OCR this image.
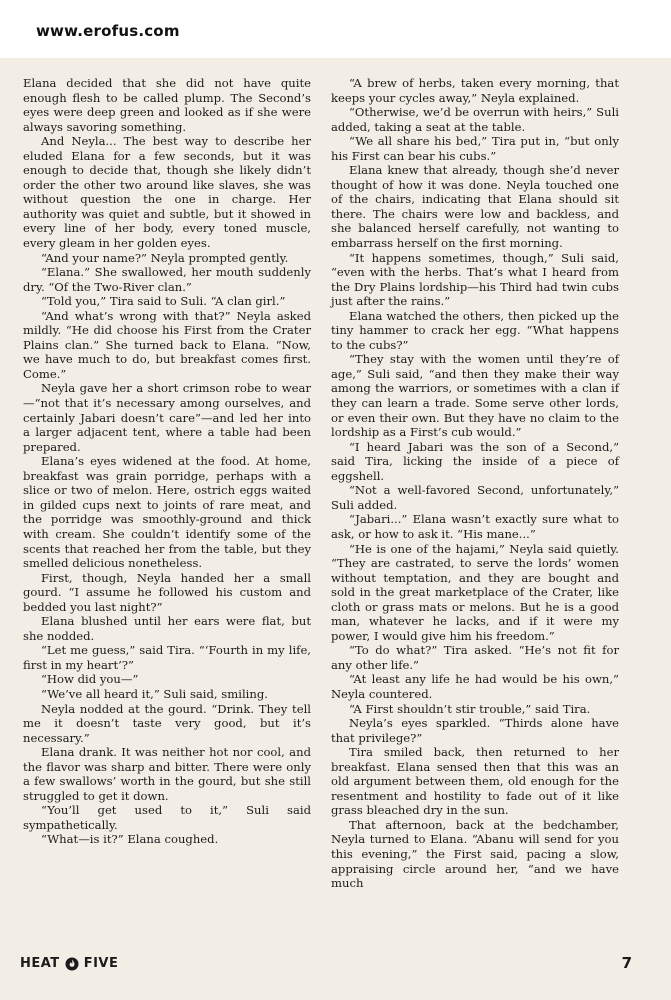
www.erofus.com

Elana decided that she did not have quite enough flesh to be called plump. The Second’s eyes were deep green and looked as if she were always savoring something.

And Neyla... The best way to describe her eluded Elana for a few seconds, but it was enough to decide that, though she likely didn’t order the other two around like slaves, she was without question the one in charge. Her authority was quiet and subtle, but it showed in every line of her body, every toned muscle, every gleam in her golden eyes.

“And your name?” Neyla prompted gently.

“Elana.” She swallowed, her mouth suddenly dry. “Of the Two-River clan.”

“Told you,” Tira said to Suli. “A clan girl.”

“And what’s wrong with that?” Neyla asked mildly. “He did choose his First from the Crater Plains clan.” She turned back to Elana. “Now, we have much to do, but breakfast comes first. Come.”

Neyla gave her a short crimson robe to wear—“not that it’s necessary among ourselves, and certainly Jabari doesn’t care”—and led her into a larger adjacent tent, where a table had been prepared.

Elana’s eyes widened at the food. At home, breakfast was grain porridge, perhaps with a slice or two of melon. Here, ostrich eggs waited in gilded cups next to joints of rare meat, and the porridge was smoothly-ground and thick with cream. She couldn’t identify some of the scents that reached her from the table, but they smelled delicious nonetheless.

First, though, Neyla handed her a small gourd. “I assume he followed his custom and bedded you last night?”

Elana blushed until her ears were flat, but she nodded.

“Let me guess,” said Tira. “‘Fourth in my life, first in my heart’?”

“How did you—”

“We’ve all heard it,” Suli said, smiling.

Neyla nodded at the gourd. “Drink. They tell me it doesn’t taste very good, but it’s necessary.”

Elana drank. It was neither hot nor cool, and the flavor was sharp and bitter. There were only a few swallows’ worth in the gourd, but she still struggled to get it down.

“You’ll get used to it,” Suli said sympathetically.

“What—is it?” Elana coughed.

“A brew of herbs, taken every morning, that keeps your cycles away,” Neyla explained.

“Otherwise, we’d be overrun with heirs,” Suli added, taking a seat at the table.

“We all share his bed,” Tira put in, “but only his First can bear his cubs.”

Elana knew that already, though she’d never thought of how it was done. Neyla touched one of the chairs, indicating that Elana should sit there. The chairs were low and backless, and she balanced herself carefully, not wanting to embarrass herself on the first morning.

“It happens sometimes, though,” Suli said, “even with the herbs. That’s what I heard from the Dry Plains lordship—his Third had twin cubs just after the rains.”

Elana watched the others, then picked up the tiny hammer to crack her egg. “What happens to the cubs?”

“They stay with the women until they’re of age,” Suli said, “and then they make their way among the warriors, or sometimes with a clan if they can learn a trade. Some serve other lords, or even their own. But they have no claim to the lordship as a First’s cub would.”

“I heard Jabari was the son of a Second,” said Tira, licking the inside of a piece of eggshell.

“Not a well-favored Second, unfortunately,” Suli added.

“Jabari...” Elana wasn’t exactly sure what to ask, or how to ask it. “His mane...”

“He is one of the hajami,” Neyla said quietly. “They are castrated, to serve the lords’ women without temptation, and they are bought and sold in the great marketplace of the Crater, like cloth or grass mats or melons. But he is a good man, whatever he lacks, and if it were my power, I would give him his freedom.”

“To do what?” Tira asked. “He’s not fit for any other life.”

“At least any life he had would be his own,” Neyla countered.

“A First shouldn’t stir trouble,” said Tira.

Neyla’s eyes sparkled. “Thirds alone have that privilege?”

Tira smiled back, then returned to her breakfast. Elana sensed then that this was an old argument between them, old enough for the resentment and hostility to fade out of it like grass bleached dry in the sun.

That afternoon, back at the bedchamber, Neyla turned to Elana. “Abanu will send for you this evening,” the First said, pacing a slow, appraising circle around her, “and we have much

HEAT FIVE	7
